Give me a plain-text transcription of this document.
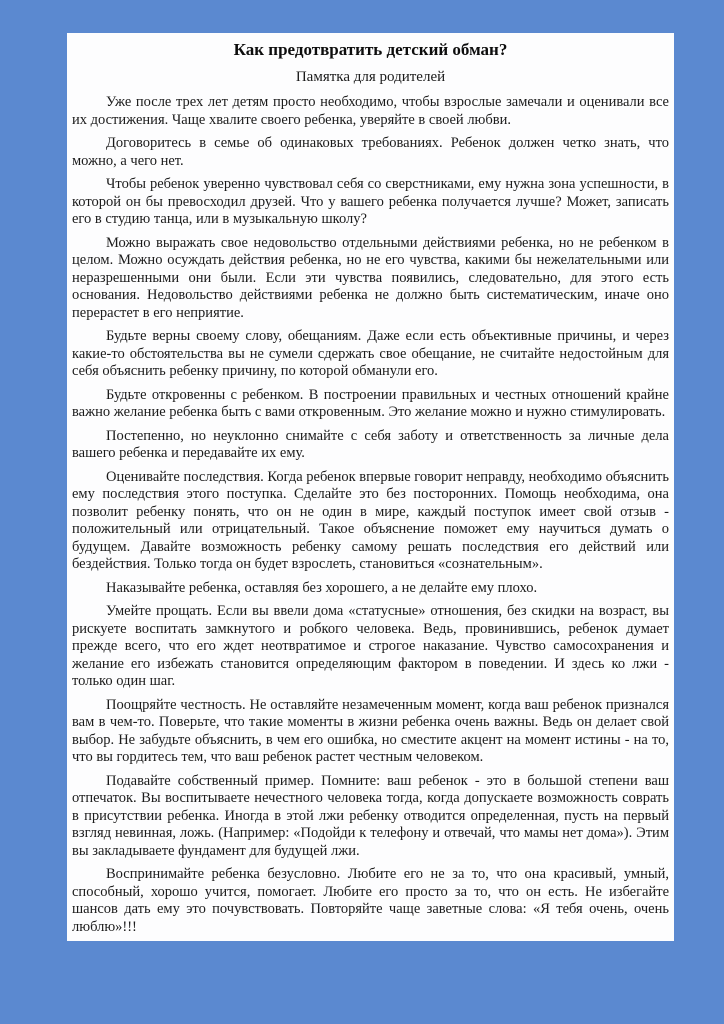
Как предотвратить детский обман?
Памятка для родителей

Уже после трех лет детям просто необходимо, чтобы взрослые замечали и оценивали все их достижения. Чаще хвалите своего ребенка, уверяйте в своей любви.

Договоритесь в семье об одинаковых требованиях. Ребенок должен четко знать, что можно, а чего нет.

Чтобы ребенок уверенно чувствовал себя со сверстниками, ему нужна зона успешности, в которой он бы превосходил друзей. Что у вашего ребенка получается лучше? Может, записать его в студию танца, или в музыкальную школу?

Можно выражать свое недовольство отдельными действиями ребенка, но не ребенком в целом. Можно осуждать действия ребенка, но не его чувства, какими бы нежелательными или неразрешенными они были. Если эти чувства появились, следовательно, для этого есть основания. Недовольство действиями ребенка не должно быть систематическим, иначе оно перерастет в его неприятие.

Будьте верны своему слову, обещаниям. Даже если есть объективные причины, и через какие-то обстоятельства вы не сумели сдержать свое обещание, не считайте недостойным для себя объяснить ребенку причину, по которой обманули его.

Будьте откровенны с ребенком. В построении правильных и честных отношений крайне важно желание ребенка быть с вами откровенным. Это желание можно и нужно стимулировать.

Постепенно, но неуклонно снимайте с себя заботу и ответственность за личные дела вашего ребенка и передавайте их ему.

Оценивайте последствия. Когда ребенок впервые говорит неправду, необходимо объяснить ему последствия этого поступка. Сделайте это без посторонних. Помощь необходима, она позволит ребенку понять, что он не один в мире, каждый поступок имеет свой отзыв - положительный или отрицательный. Такое объяснение поможет ему научиться думать о будущем. Давайте возможность ребенку самому решать последствия его действий или бездействия. Только тогда он будет взрослеть, становиться «сознательным».

Наказывайте ребенка, оставляя без хорошего, а не делайте ему плохо.

Умейте прощать. Если вы ввели дома «статусные» отношения, без скидки на возраст, вы рискуете воспитать замкнутого и робкого человека. Ведь, провинившись, ребенок думает прежде всего, что его ждет неотвратимое и строгое наказание. Чувство самосохранения и желание его избежать становится определяющим фактором в поведении. И здесь ко лжи - только один шаг.

Поощряйте честность. Не оставляйте незамеченным момент, когда ваш ребенок признался вам в чем-то. Поверьте, что такие моменты в жизни ребенка очень важны. Ведь он делает свой выбор. Не забудьте объяснить, в чем его ошибка, но сместите акцент на момент истины - на то, что вы гордитесь тем, что ваш ребенок растет честным человеком.

Подавайте собственный пример. Помните: ваш ребенок - это в большой степени ваш отпечаток. Вы воспитываете нечестного человека тогда, когда допускаете возможность соврать в присутствии ребенка. Иногда в этой лжи ребенку отводится определенная, пусть на первый взгляд невинная, ложь. (Например: «Подойди к телефону и отвечай, что мамы нет дома»). Этим вы закладываете фундамент для будущей лжи.

Воспринимайте ребенка безусловно. Любите его не за то, что она красивый, умный, способный, хорошо учится, помогает. Любите его просто за то, что он есть. Не избегайте шансов дать ему это почувствовать. Повторяйте чаще заветные слова: «Я тебя очень, очень люблю»!!!
